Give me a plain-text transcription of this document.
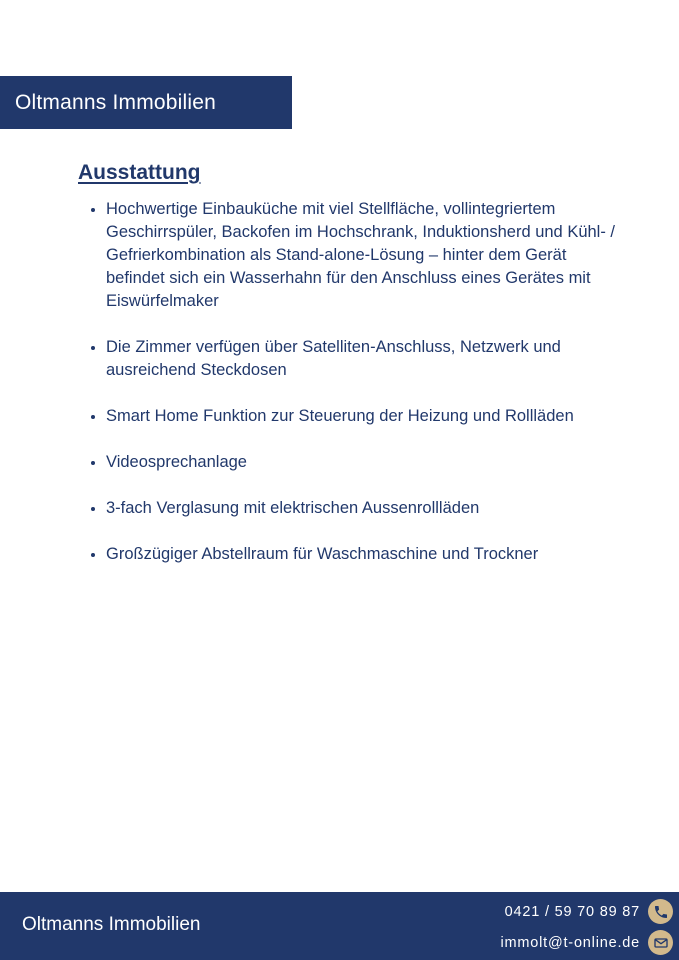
Oltmanns Immobilien
Ausstattung
• Hochwertige Einbauküche mit viel Stellfläche, vollintegriertem Geschirrspüler, Backofen im Hochschrank, Induktionsherd und Kühl- / Gefrierkombination als Stand-alone-Lösung – hinter dem Gerät befindet sich ein Wasserhahn für den Anschluss eines Gerätes mit Eiswürfelmaker
• Die Zimmer verfügen über Satelliten-Anschluss, Netzwerk und ausreichend Steckdosen
• Smart Home Funktion zur Steuerung der Heizung und Rollläden
• Videosprechanlage
• 3-fach Verglasung mit elektrischen Aussenrollläden
• Großzügiger Abstellraum für Waschmaschine und Trockner
Oltmanns Immobilien
0421 / 59 70 89 87
immolt@t-online.de
